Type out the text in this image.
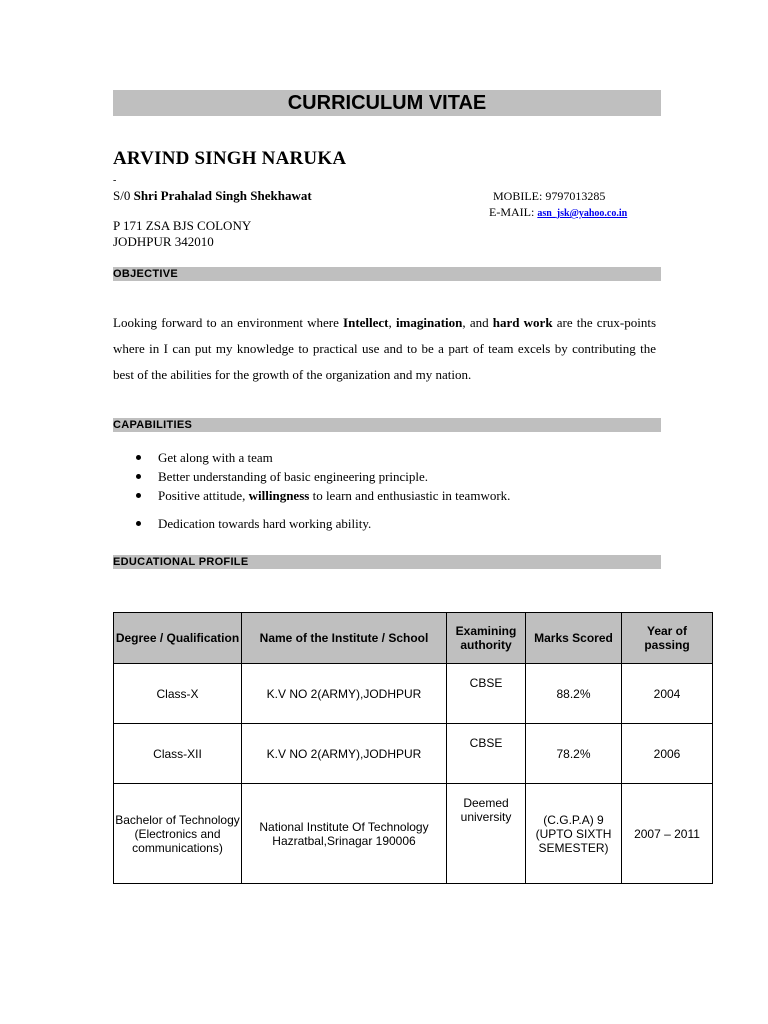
CURRICULUM VITAE
ARVIND SINGH NARUKA
-
S/0 Shri Prahalad Singh Shekhawat	MOBILE: 9797013285
E-MAIL: asn_jsk@yahoo.co.in
P 171 ZSA BJS COLONY
JODHPUR 342010
OBJECTIVE
Looking forward to an environment where Intellect, imagination, and hard work are the crux-points where in I can put my knowledge to practical use and to be a part of team excels by contributing the best of the abilities for the growth of the organization and my nation.
CAPABILITIES
Get along with a team
Better understanding of basic engineering principle.
Positive attitude, willingness to learn and enthusiastic in teamwork.
Dedication towards hard working ability.
EDUCATIONAL PROFILE
Degree / Qualification	Name of the Institute / School	Examining authority	Marks Scored	Year of passing
Class-X	K.V NO 2(ARMY),JODHPUR	CBSE	88.2%	2004
Class-XII	K.V NO 2(ARMY),JODHPUR	CBSE	78.2%	2006
Bachelor of Technology (Electronics and communications)	National Institute Of Technology Hazratbal,Srinagar 190006	Deemed university	(C.G.P.A) 9 (UPTO SIXTH SEMESTER)	2007 – 2011
